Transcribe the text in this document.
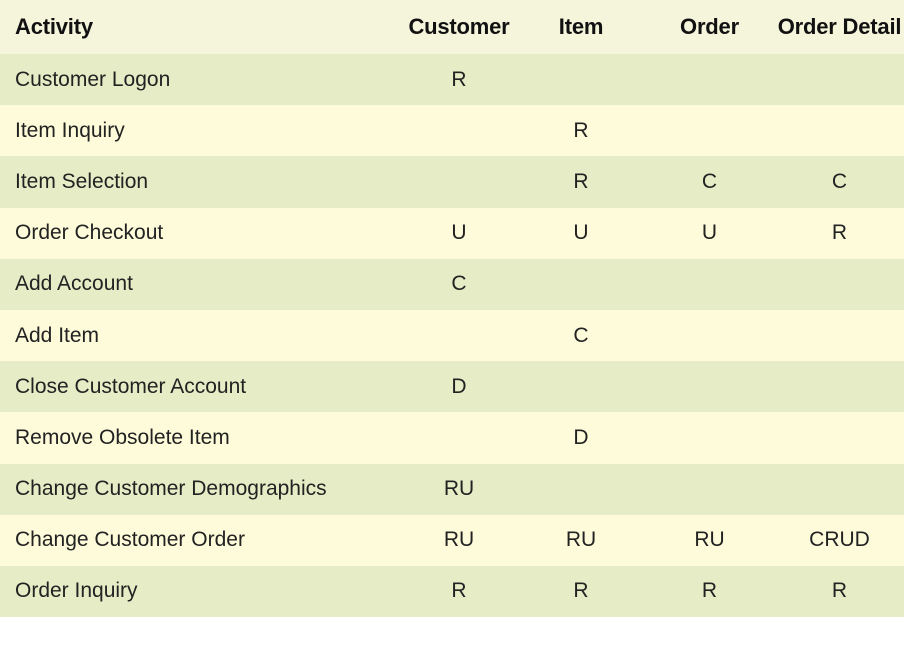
Activity	Customer	Item	Order	Order Detail
Customer Logon	R			
Item Inquiry		R		
Item Selection		R	C	C
Order Checkout	U	U	U	R
Add Account	C			
Add Item		C		
Close Customer Account	D			
Remove Obsolete Item		D		
Change Customer Demographics	RU			
Change Customer Order	RU	RU	RU	CRUD
Order Inquiry	R	R	R	R
